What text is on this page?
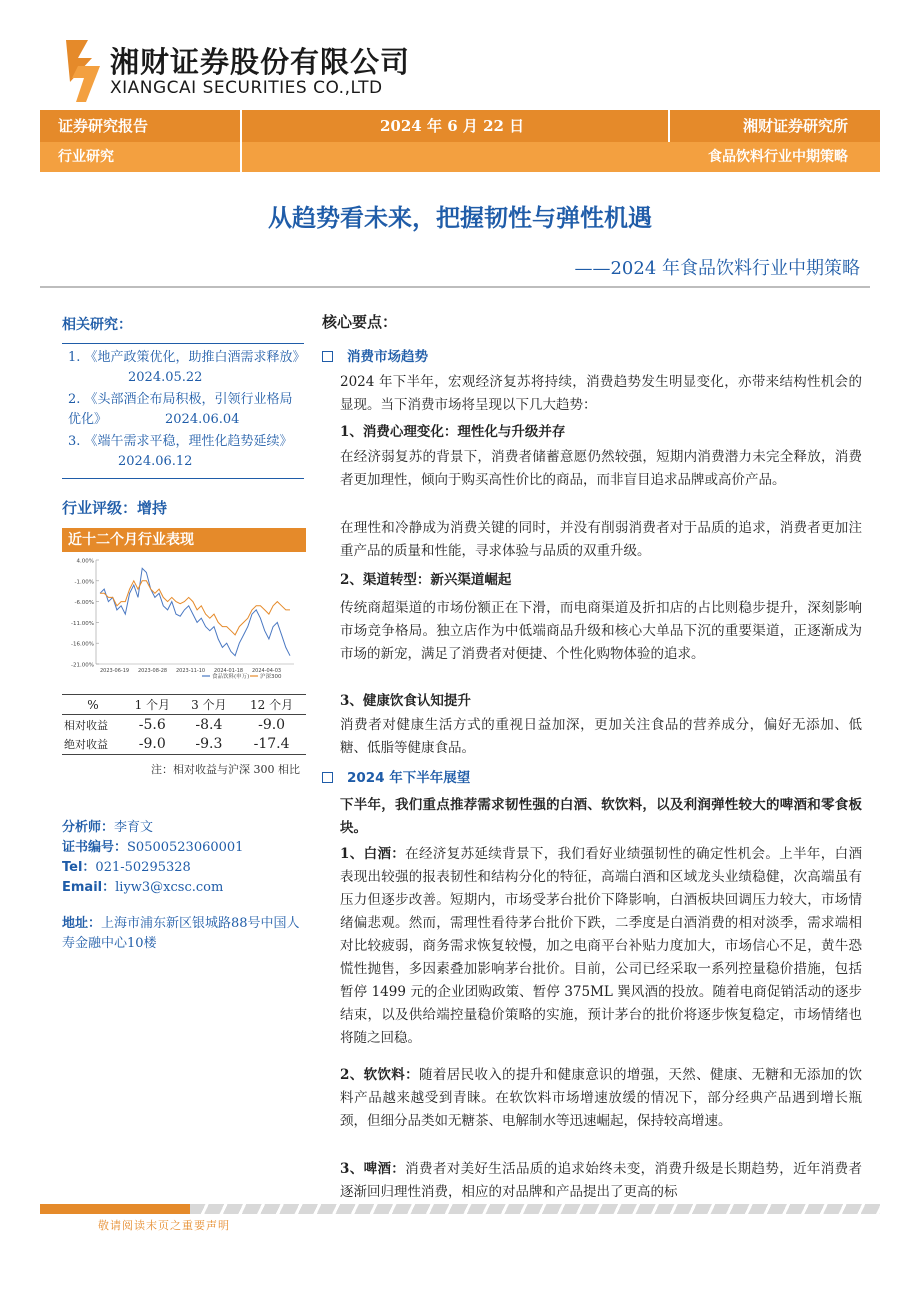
湘财证券股份有限公司
XIANGCAI SECURITIES CO.,LTD
证券研究报告	2024 年 6 月 22 日	湘财证券研究所
行业研究	食品饮料行业中期策略
从趋势看未来，把握韧性与弹性机遇
——2024 年食品饮料行业中期策略
相关研究：
1. 《地产政策优化，助推白酒需求释放》2024.05.22
2. 《头部酒企布局积极，引领行业格局优化》	2024.06.04
3. 《端午需求平稳，理性化趋势延续》2024.06.12
行业评级：增持
近十二个月行业表现
4.00%
-1.00%
-6.00%
-11.00%
-16.00%
-21.00%
2023-06-19 2023-08-28 2023-11-10 2024-01-18 2024-04-03
食品饮料(申万) 沪深300
%	1 个月	3 个月	12 个月
相对收益	-5.6	-8.4	-9.0
绝对收益	-9.0	-9.3	-17.4
注：相对收益与沪深 300 相比
分析师：李育文
证书编号：S0500523060001
Tel：021-50295328
Email：liyw3@xcsc.com
地址：上海市浦东新区银城路88号中国人寿金融中心10楼
核心要点：
消费市场趋势

2024 年下半年，宏观经济复苏将持续，消费趋势发生明显变化，亦带来结构性机会的显现。当下消费市场将呈现以下几大趋势：

1、消费心理变化：理性化与升级并存

在经济弱复苏的背景下，消费者储蓄意愿仍然较强，短期内消费潜力未完全释放，消费者更加理性，倾向于购买高性价比的商品，而非盲目追求品牌或高价产品。

在理性和冷静成为消费关键的同时，并没有削弱消费者对于品质的追求，消费者更加注重产品的质量和性能，寻求体验与品质的双重升级。

2、渠道转型：新兴渠道崛起

传统商超渠道的市场份额正在下滑，而电商渠道及折扣店的占比则稳步提升，深刻影响市场竞争格局。独立店作为中低端商品升级和核心大单品下沉的重要渠道，正逐渐成为市场的新宠，满足了消费者对便捷、个性化购物体验的追求。

3、健康饮食认知提升

消费者对健康生活方式的重视日益加深，更加关注食品的营养成分，偏好无添加、低糖、低脂等健康食品。

2024 年下半年展望

下半年，我们重点推荐需求韧性强的白酒、软饮料，以及利润弹性较大的啤酒和零食板块。

1、白酒：在经济复苏延续背景下，我们看好业绩强韧性的确定性机会。上半年，白酒表现出较强的报表韧性和结构分化的特征，高端白酒和区域龙头业绩稳健，次高端虽有压力但逐步改善。短期内，市场受茅台批价下降影响，白酒板块回调压力较大，市场情绪偏悲观。然而，需理性看待茅台批价下跌，二季度是白酒消费的相对淡季，需求端相对比较疲弱，商务需求恢复较慢，加之电商平台补贴力度加大，市场信心不足，黄牛恐慌性抛售，多因素叠加影响茅台批价。目前，公司已经采取一系列控量稳价措施，包括暂停 1499 元的企业团购政策、暂停 375ML 巽风酒的投放。随着电商促销活动的逐步结束，以及供给端控量稳价策略的实施，预计茅台的批价将逐步恢复稳定，市场情绪也将随之回稳。

2、软饮料：随着居民收入的提升和健康意识的增强，天然、健康、无糖和无添加的饮料产品越来越受到青睐。在软饮料市场增速放缓的情况下，部分经典产品遇到增长瓶颈，但细分品类如无糖茶、电解制水等迅速崛起，保持较高增速。

3、啤酒：消费者对美好生活品质的追求始终未变，消费升级是长期趋势，近年消费者逐渐回归理性消费，相应的对品牌和产品提出了更高的标

敬请阅读末页之重要声明
